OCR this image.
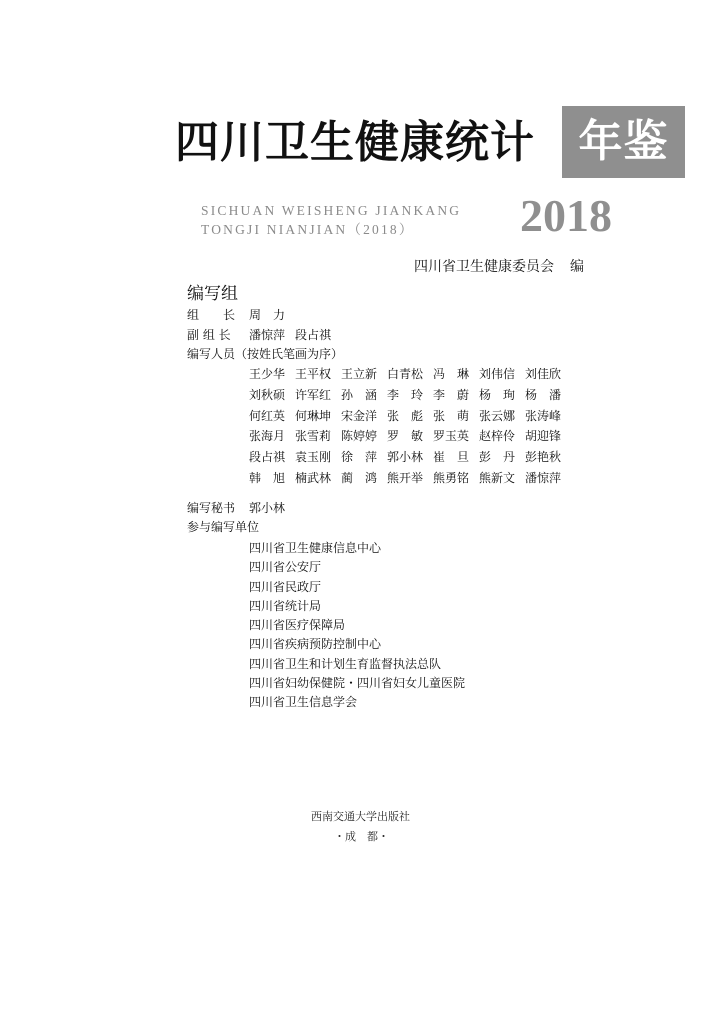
四川卫生健康统计 年鉴
SICHUAN WEISHENG JIANKANG
TONGJI NIANJIAN（2018） 2018
四川省卫生健康委员会 编
编写组
组　　长 周　力
副 组 长 潘惊萍 段占祺
编写人员（按姓氏笔画为序）
王少华 王平权 王立新 白青松 冯　琳 刘伟信 刘佳欣
刘秋硕 许军红 孙　涵 李　玲 李　蔚 杨　珣 杨　潘
何红英 何琳坤 宋金洋 张　彪 张　萌 张云娜 张涛峰
张海月 张雪莉 陈婷婷 罗　敏 罗玉英 赵梓伶 胡迎锋
段占祺 袁玉刚 徐　萍 郭小林 崔　旦 彭　丹 彭艳秋
韩　旭 楠武林 蔺　鸿 熊开举 熊勇铭 熊新文 潘惊萍
编写秘书 郭小林
参与编写单位
四川省卫生健康信息中心
四川省公安厅
四川省民政厅
四川省统计局
四川省医疗保障局
四川省疾病预防控制中心
四川省卫生和计划生育监督执法总队
四川省妇幼保健院・四川省妇女儿童医院
四川省卫生信息学会
西南交通大学出版社
・成　都・
